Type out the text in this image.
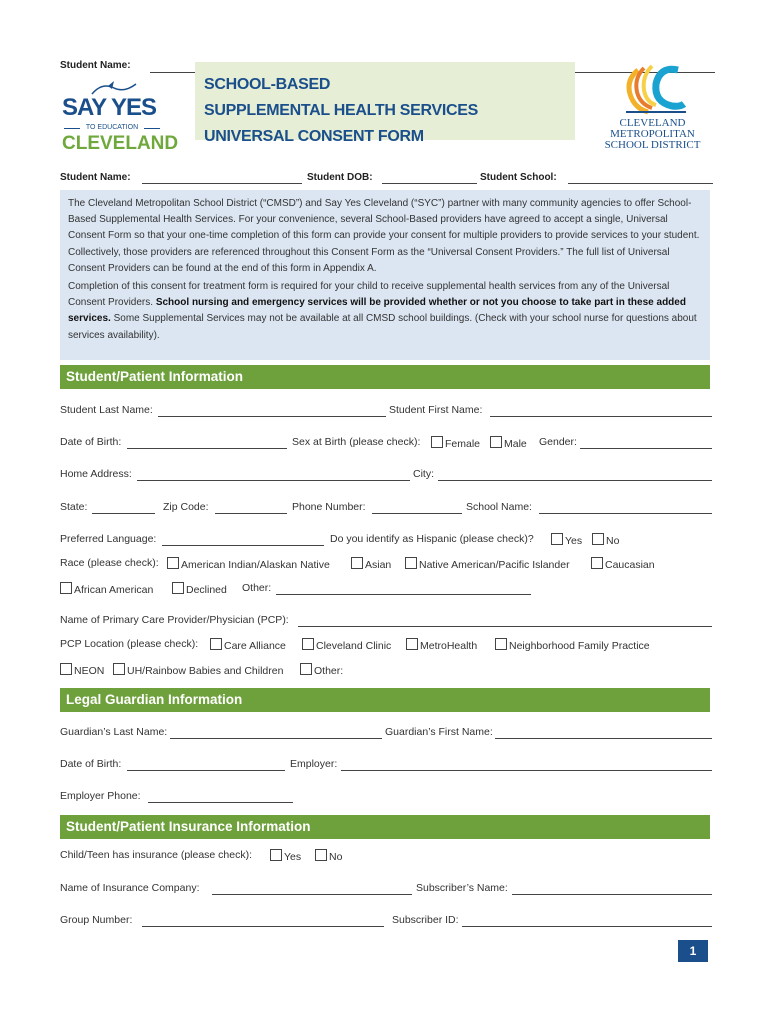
Student Name:
SAY YES
TO EDUCATION
CLEVELAND
SCHOOL-BASED
SUPPLEMENTAL HEALTH SERVICES
UNIVERSAL CONSENT FORM
CLEVELAND
METROPOLITAN
SCHOOL DISTRICT
Student Name:	Student DOB:	Student School:

The Cleveland Metropolitan School District (“CMSD”) and Say Yes Cleveland (“SYC”) partner with many community agencies to offer School-Based Supplemental Health Services. For your convenience, several School-Based providers have agreed to accept a single, Universal Consent Form so that your one-time completion of this form can provide your consent for multiple providers to provide services to your student. Collectively, those providers are referenced throughout this Consent Form as the “Universal Consent Providers.” The full list of Universal Consent Providers can be found at the end of this form in Appendix A.

Completion of this consent for treatment form is required for your child to receive supplemental health services from any of the Universal Consent Providers. School nursing and emergency services will be provided whether or not you choose to take part in these added services. Some Supplemental Services may not be available at all CMSD school buildings. (Check with your school nurse for questions about services availability).

Student/Patient Information
Student Last Name:	Student First Name:
Date of Birth:	Sex at Birth (please check):	Female	Male Gender:
Home Address:	City:
State:	Zip Code:	Phone Number:	School Name:
Preferred Language:	Do you identify as Hispanic (please check)?	Yes	No
Race (please check):	American Indian/Alaskan Native	Asian	Native American/Pacific Islander	Caucasian
African American	Declined Other:
Name of Primary Care Provider/Physician (PCP):
PCP Location (please check):	Care Alliance	Cleveland Clinic	MetroHealth	Neighborhood Family Practice
NEON	UH/Rainbow Babies and Children	Other:
Legal Guardian Information
Guardian’s Last Name:	Guardian’s First Name:
Date of Birth:	Employer:
Employer Phone:
Student/Patient Insurance Information
Child/Teen has insurance (please check):	Yes	No
Name of Insurance Company:	Subscriber’s Name:
Group Number:	Subscriber ID:
1
